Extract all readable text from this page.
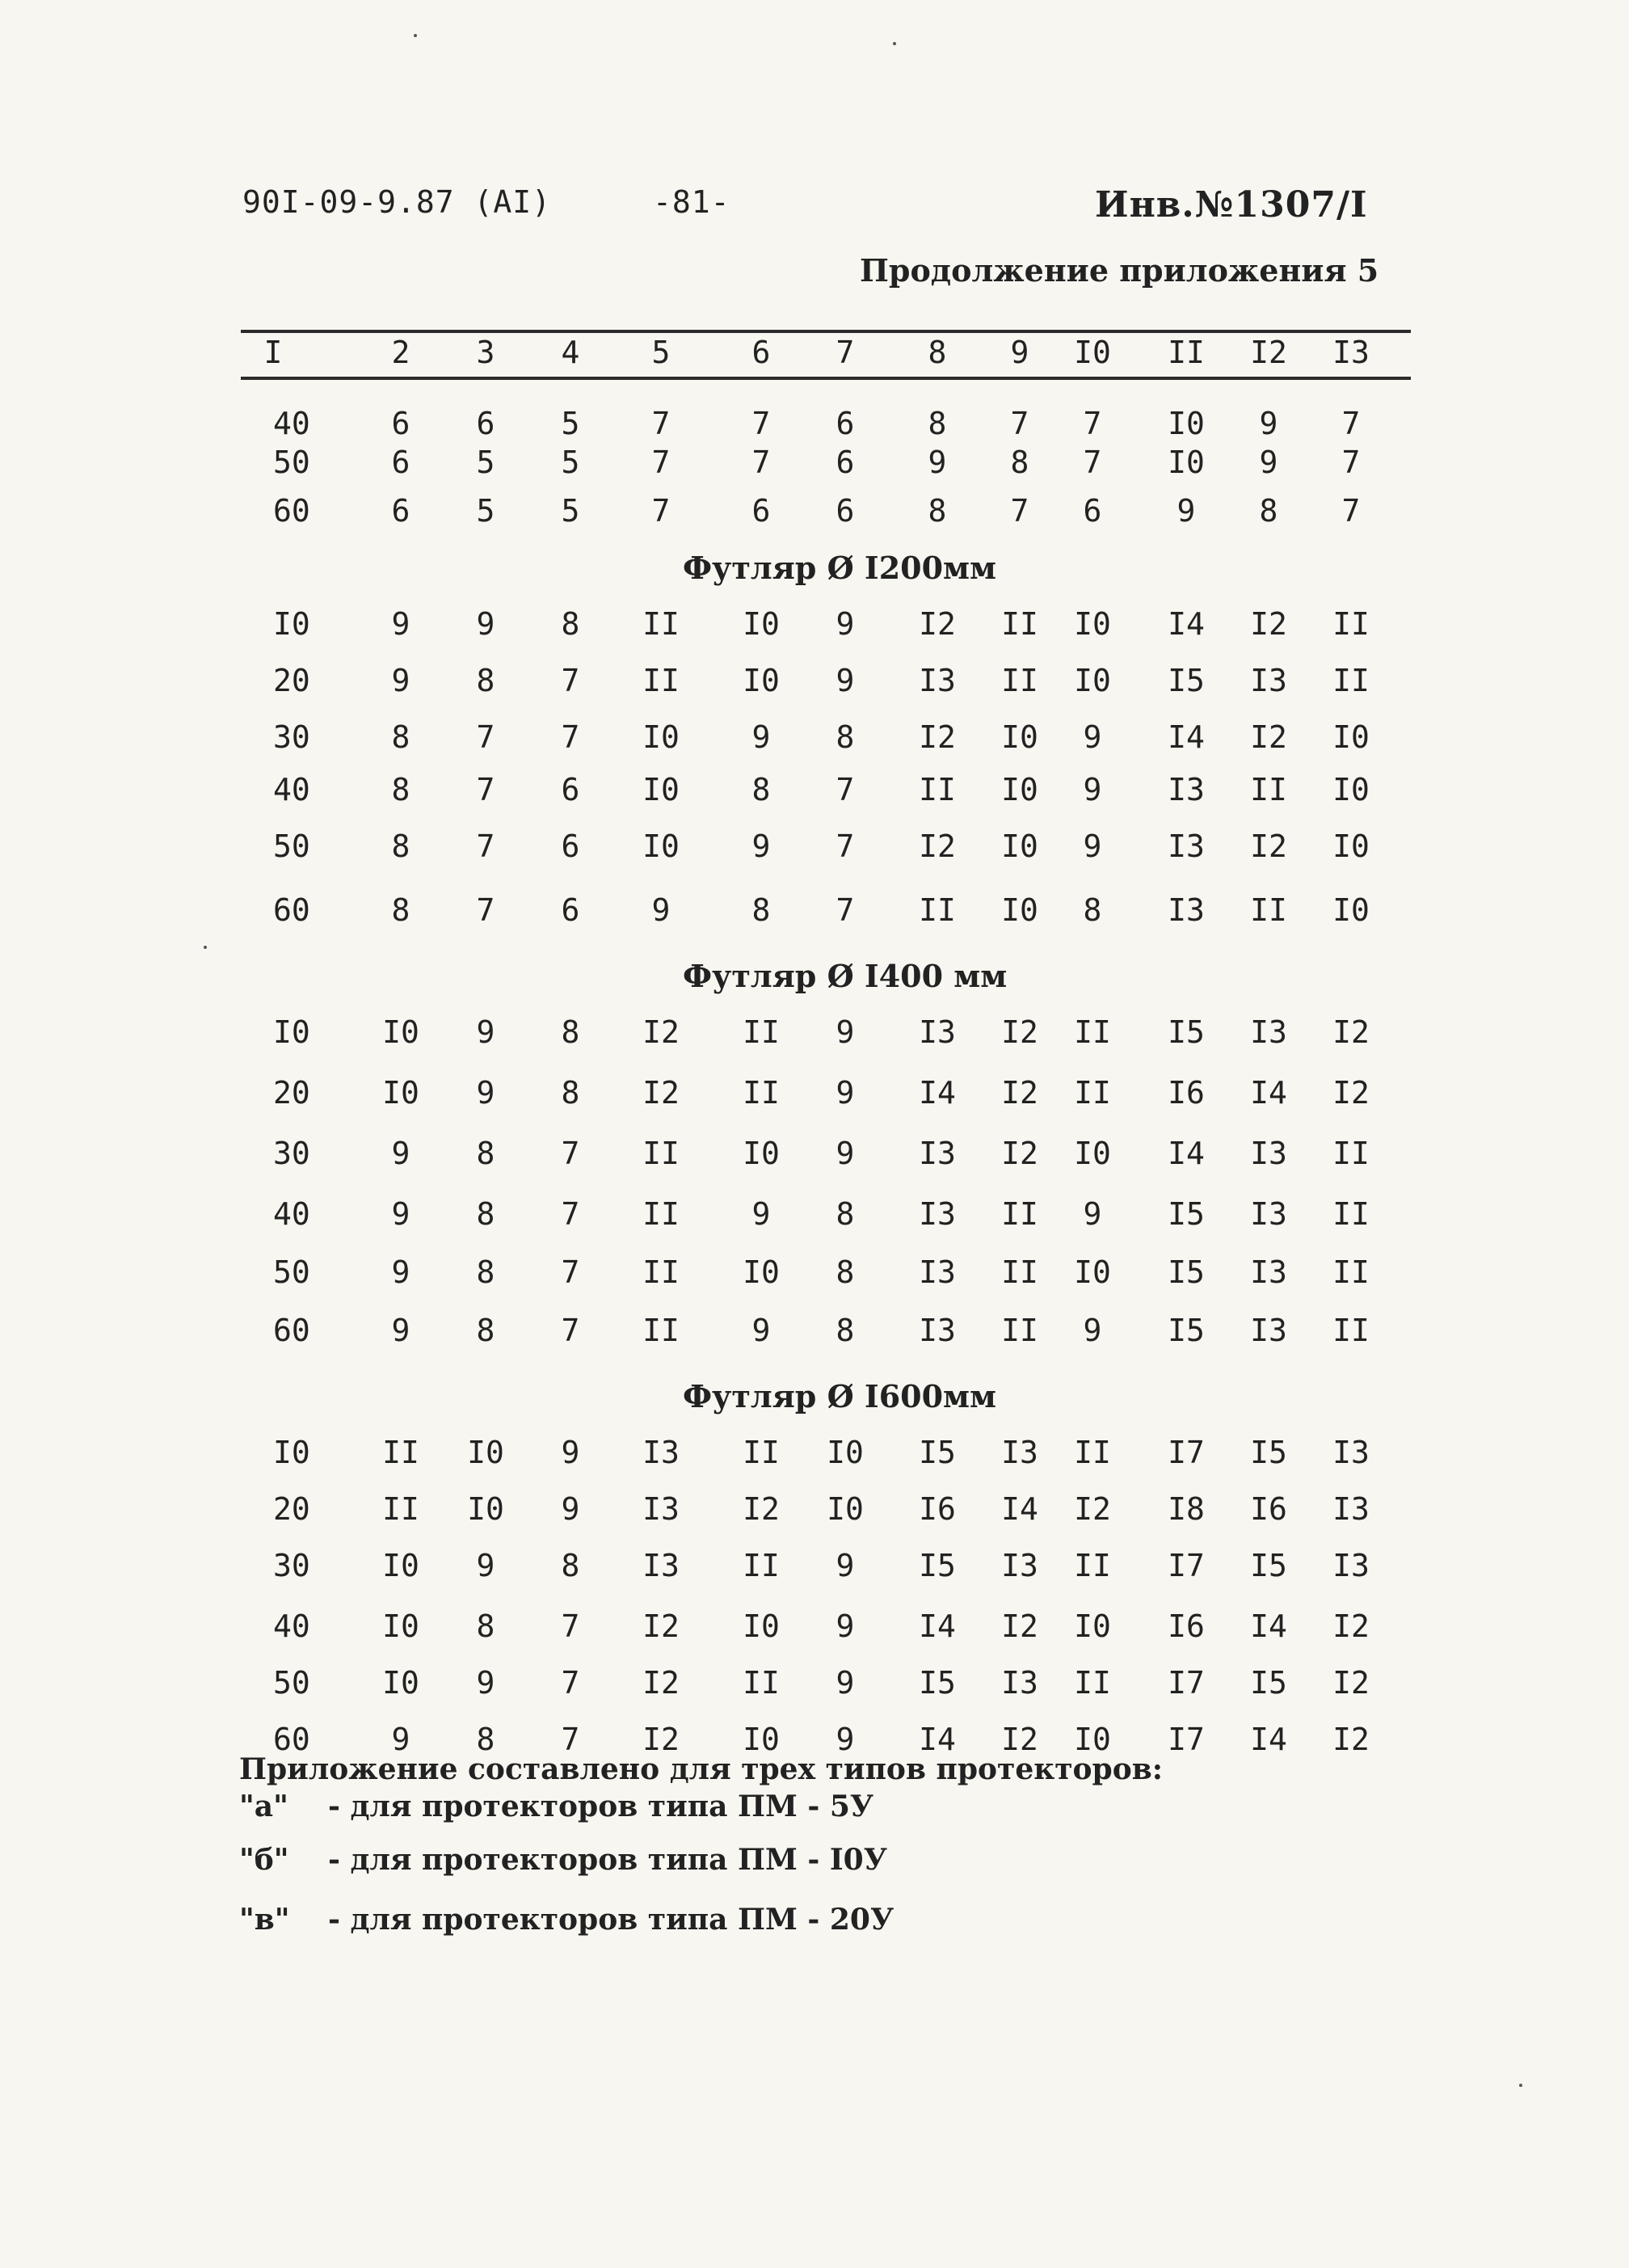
90I-09-9.87 (AI)	-81-	Инв.№1307/I
Продолжение приложения 5
I	2	3	4	5	6	7	8	9	I0	II	I2	I3
40	6	6	5	7	7	6	8	7	7	I0	9	7
50	6	5	5	7	7	6	9	8	7	I0	9	7
60	6	5	5	7	6	6	8	7	6	9	8	7
Футляр Ø I200мм
I0	9	9	8	II	I0	9	I2	II	I0	I4	I2	II
20	9	8	7	II	I0	9	I3	II	I0	I5	I3	II
30	8	7	7	I0	9	8	I2	I0	9	I4	I2	I0
40	8	7	6	I0	8	7	II	I0	9	I3	II	I0
50	8	7	6	I0	9	7	I2	I0	9	I3	I2	I0
60	8	7	6	9	8	7	II	I0	8	I3	II	I0
Футляр Ø I400 мм
I0	I0	9	8	I2	II	9	I3	I2	II	I5	I3	I2
20	I0	9	8	I2	II	9	I4	I2	II	I6	I4	I2
30	9	8	7	II	I0	9	I3	I2	I0	I4	I3	II
40	9	8	7	II	9	8	I3	II	9	I5	I3	II
50	9	8	7	II	I0	8	I3	II	I0	I5	I3	II
60	9	8	7	II	9	8	I3	II	9	I5	I3	II
Футляр Ø I600мм
I0	II	I0	9	I3	II	I0	I5	I3	II	I7	I5	I3
20	II	I0	9	I3	I2	I0	I6	I4	I2	I8	I6	I3
30	I0	9	8	I3	II	9	I5	I3	II	I7	I5	I3
40	I0	8	7	I2	I0	9	I4	I2	I0	I6	I4	I2
50	I0	9	7	I2	II	9	I5	I3	II	I7	I5	I2
60	9	8	7	I2	I0	9	I4	I2	I0	I7	I4	I2
Приложение составлено для трех типов протекторов:
"а" - для протекторов типа ПМ - 5У
"б" - для протекторов типа ПМ - I0У
"в" - для протекторов типа ПМ - 20У
